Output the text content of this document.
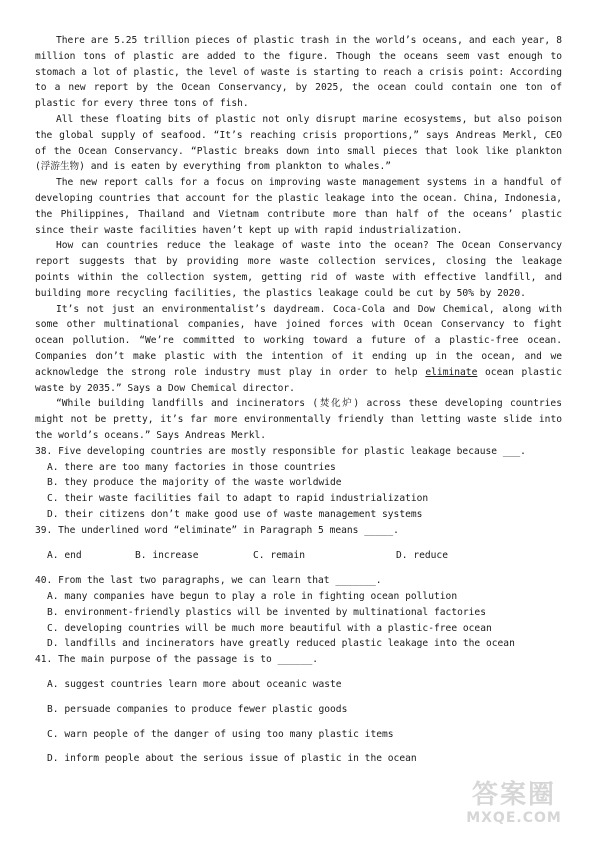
There are 5.25 trillion pieces of plastic trash in the world’s oceans, and each year, 8 million tons of plastic are added to the figure. Though the oceans seem vast enough to stomach a lot of plastic, the level of waste is starting to reach a crisis point: According to a new report by the Ocean Conservancy, by 2025, the ocean could contain one ton of plastic for every three tons of fish.

All these floating bits of plastic not only disrupt marine ecosystems, but also poison the global supply of seafood. “It’s reaching crisis proportions,” says Andreas Merkl, CEO of the Ocean Conservancy. “Plastic breaks down into small pieces that look like plankton (浮游生物) and is eaten by everything from plankton to whales.”

The new report calls for a focus on improving waste management systems in a handful of developing countries that account for the plastic leakage into the ocean. China, Indonesia, the Philippines, Thailand and Vietnam contribute more than half of the oceans’ plastic since their waste facilities haven’t kept up with rapid industrialization.

How can countries reduce the leakage of waste into the ocean? The Ocean Conservancy report suggests that by providing more waste collection services, closing the leakage points within the collection system, getting rid of waste with effective landfill, and building more recycling facilities, the plastics leakage could be cut by 50% by 2020.

It’s not just an environmentalist’s daydream. Coca-Cola and Dow Chemical, along with some other multinational companies, have joined forces with Ocean Conservancy to fight ocean pollution. “We’re committed to working toward a future of a plastic-free ocean. Companies don’t make plastic with the intention of it ending up in the ocean, and we acknowledge the strong role industry must play in order to help eliminate ocean plastic waste by 2035.” Says a Dow Chemical director.

“While building landfills and incinerators (焚化炉) across these developing countries might not be pretty, it’s far more environmentally friendly than letting waste slide into the world’s oceans.” Says Andreas Merkl.

38. Five developing countries are mostly responsible for plastic leakage because ___.

A. there are too many factories in those countries

B. they produce the majority of the waste worldwide

C. their waste facilities fail to adapt to rapid industrialization

D. their citizens don’t make good use of waste management systems

39. The underlined word “eliminate” in Paragraph 5 means _____.

A. end	B. increase	C. remain	D. reduce

40. From the last two paragraphs, we can learn that _______.

A. many companies have begun to play a role in fighting ocean pollution

B. environment-friendly plastics will be invented by multinational factories

C. developing countries will be much more beautiful with a plastic-free ocean

D. landfills and incinerators have greatly reduced plastic leakage into the ocean

41. The main purpose of the passage is to ______.

A. suggest countries learn more about oceanic waste

B. persuade companies to produce fewer plastic goods

C. warn people of the danger of using too many plastic items

D. inform people about the serious issue of plastic in the ocean

答案圈
MXQE.COM
